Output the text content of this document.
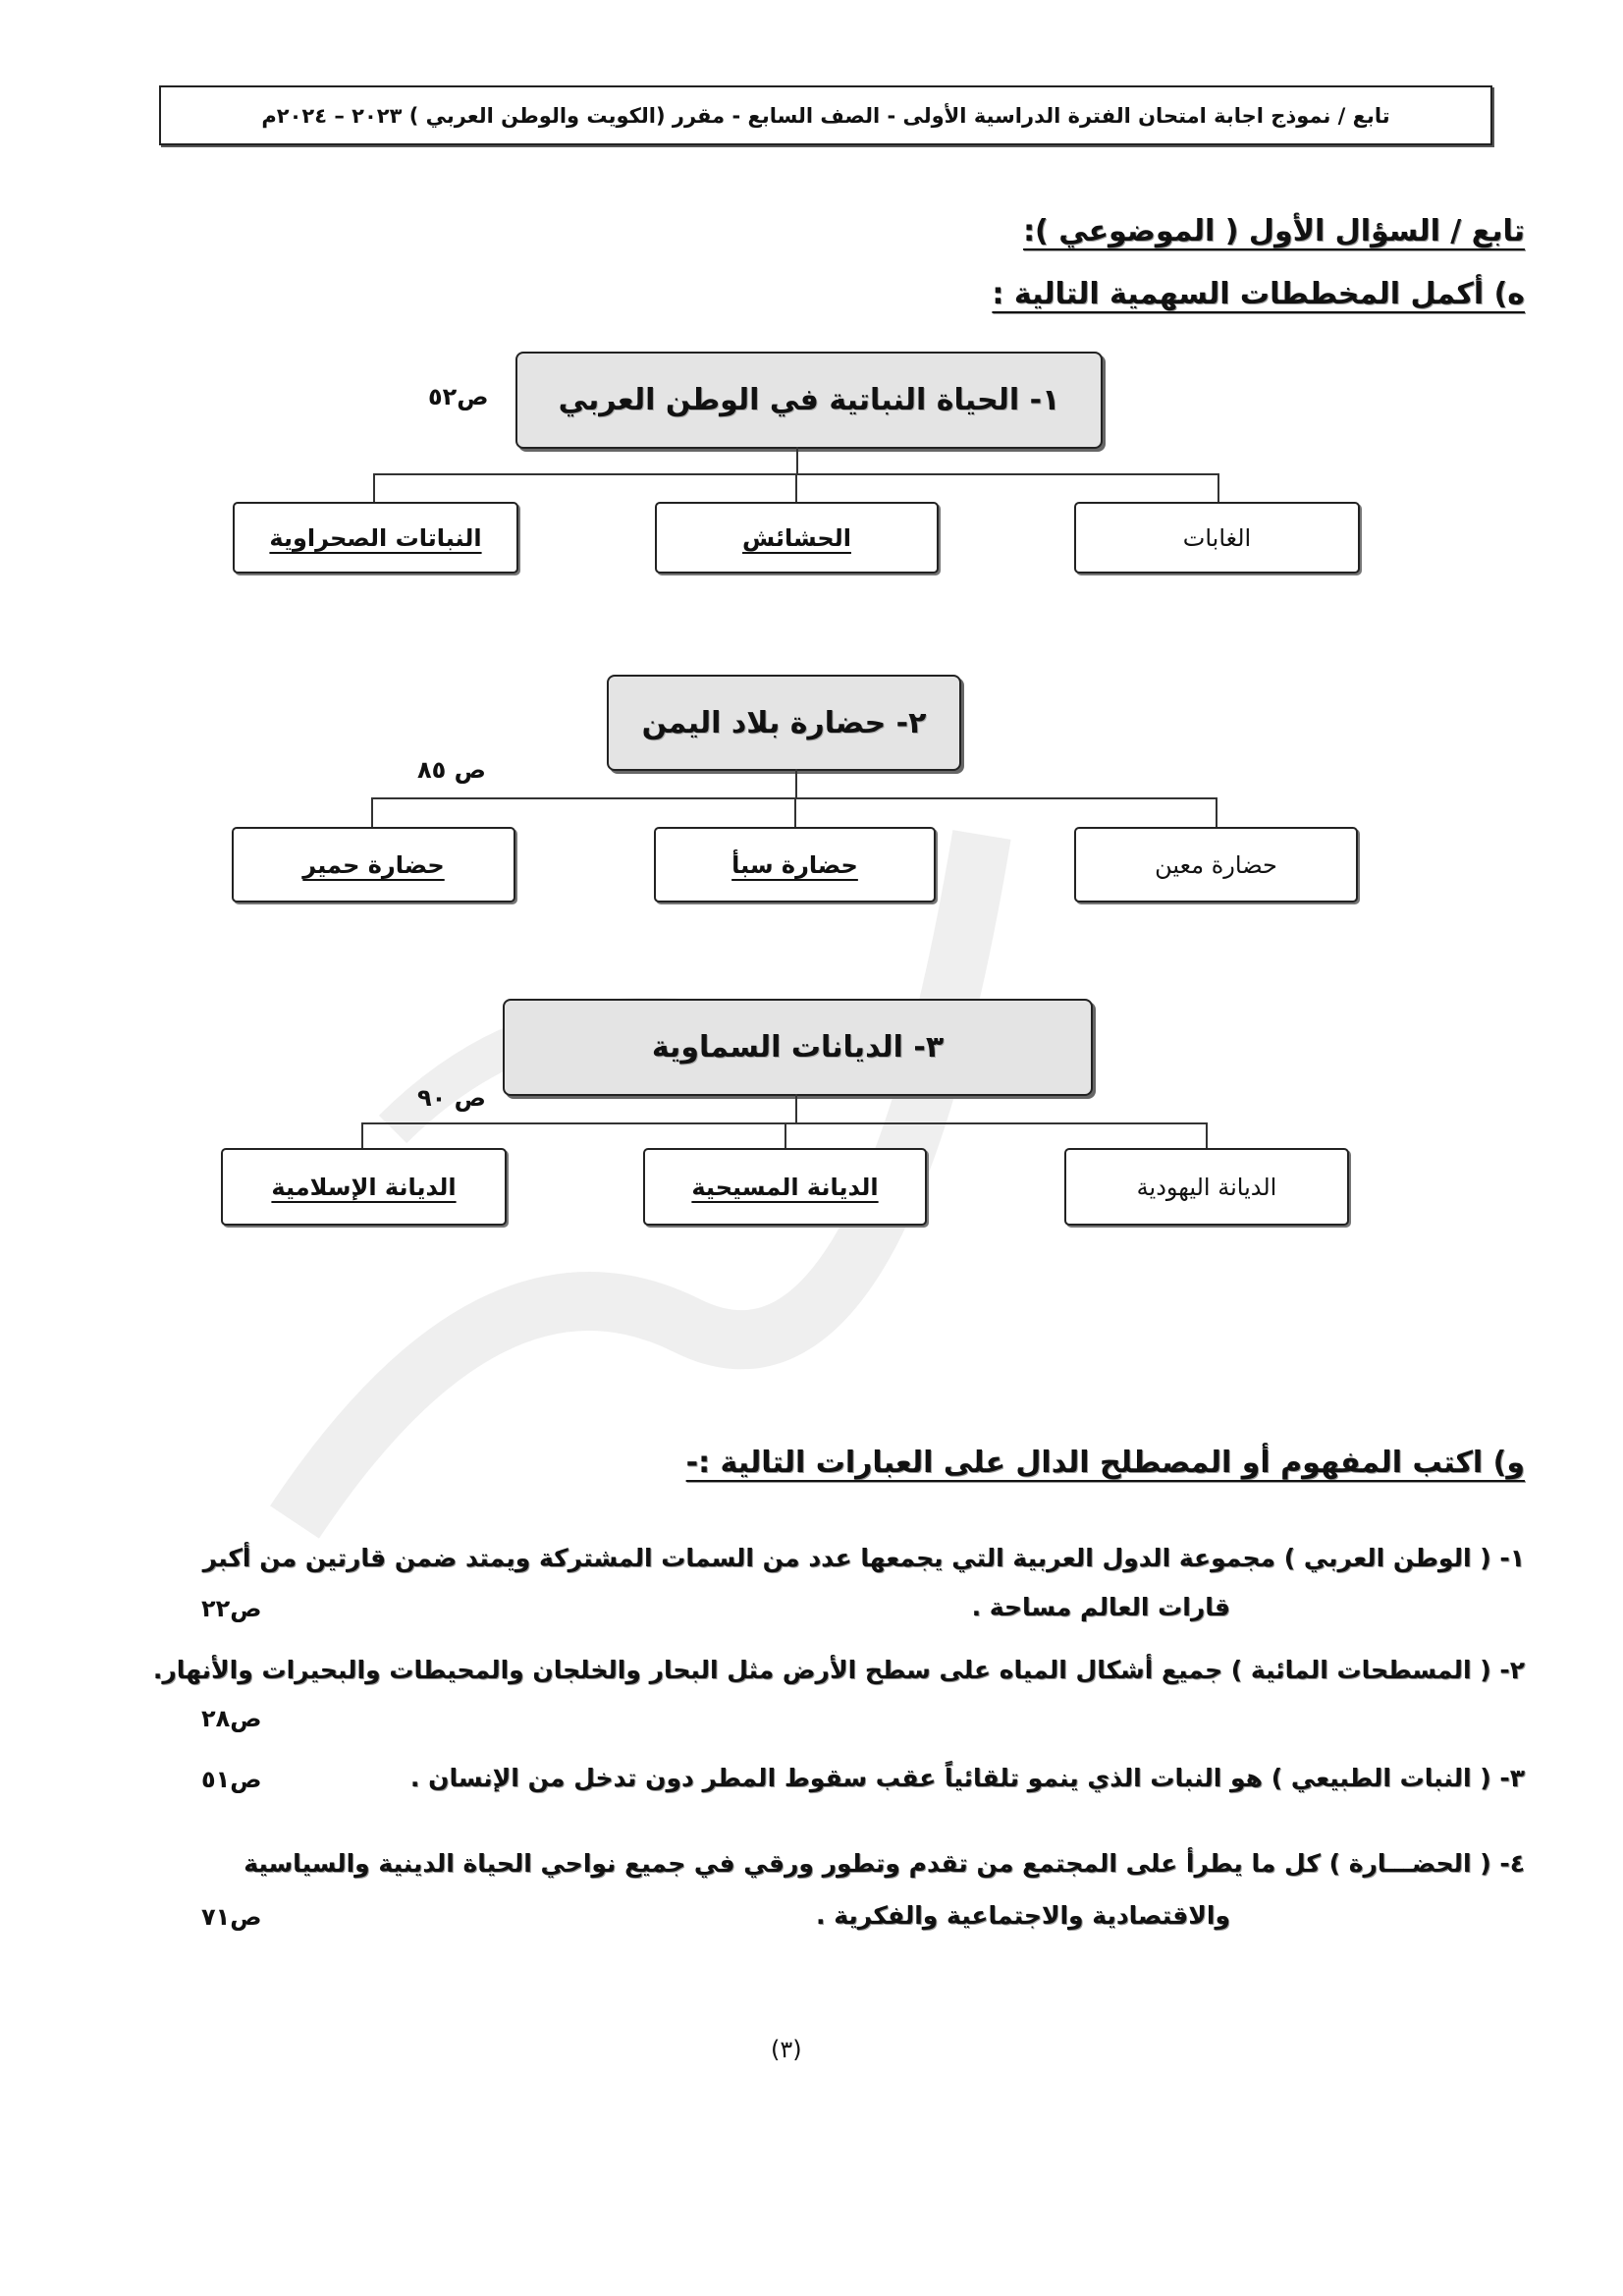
تابع / نموذج اجابة امتحان الفترة الدراسية الأولى - الصف السابع - مقرر (الكويت والوطن العربي ) ٢٠٢٣ – ٢٠٢٤م
تابع / السؤال الأول ( الموضوعي ):
ه) أكمل المخططات السهمية التالية :
١- الحياة النباتية في الوطن العربي
ص٥٢
الغابات
الحشائش
النباتات الصحراوية
٢- حضارة بلاد اليمن
ص ٨٥
حضارة معين
حضارة سبأ
حضارة حمير
٣- الديانات السماوية
ص ٩٠
الديانة اليهودية
الديانة المسيحية
الديانة الإسلامية
و) اكتب المفهوم أو المصطلح الدال على العبارات التالية :-
١- ( الوطن العربي ) مجموعة الدول العربية التي يجمعها عدد من السمات المشتركة ويمتد ضمن قارتين من أكبر
قارات العالم مساحة .
ص٢٢
٢- ( المسطحات المائية ) جميع أشكال المياه على سطح الأرض مثل البحار والخلجان والمحيطات والبحيرات والأنهار.
ص٢٨
٣- ( النبات الطبيعي ) هو النبات الذي ينمو تلقائياً عقب سقوط المطر دون تدخل من الإنسان .
ص٥١
٤- ( الحضـــارة ) كل ما يطرأ على المجتمع من تقدم وتطور ورقي في جميع نواحي الحياة الدينية والسياسية
والاقتصادية والاجتماعية والفكرية .
ص٧١
(٣)
